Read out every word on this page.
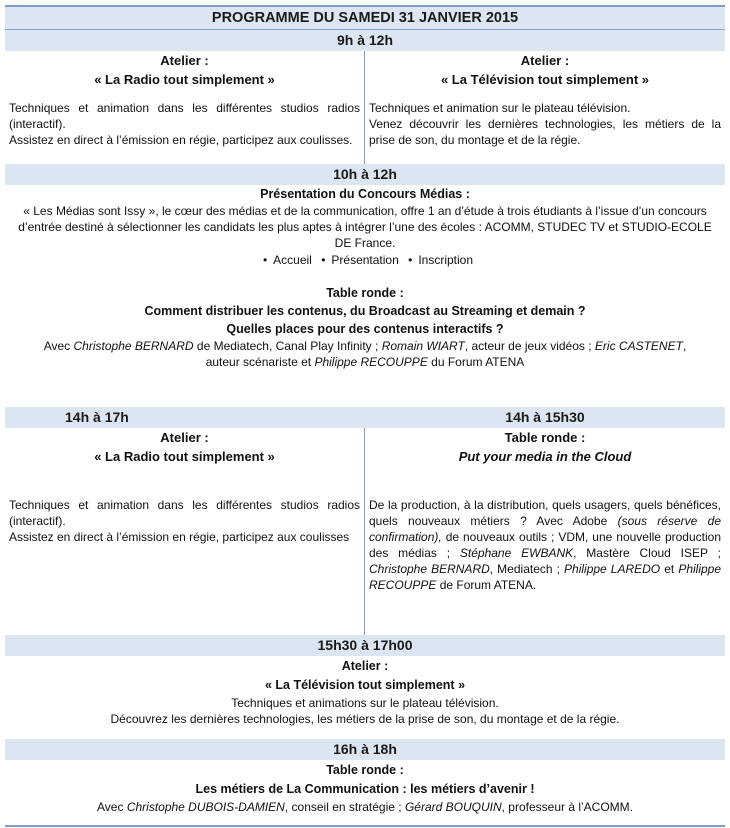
PROGRAMME DU SAMEDI 31 JANVIER 2015
9h à 12h

Atelier :

« La Radio tout simplement »

Techniques et animation dans les différentes studios radios (interactif).

Assistez en direct à l’émission en régie, participez aux coulisses.

Atelier :

« La Télévision tout simplement »

Techniques et animation sur le plateau télévision.

Venez découvrir les dernières technologies, les métiers de la prise de son, du montage et de la régie.

10h à 12h

Présentation du Concours Médias :

« Les Médias sont Issy », le cœur des médias et de la communication, offre 1 an d’étude à trois étudiants à l’issue d’un concours d’entrée destiné à sélectionner les candidats les plus aptes à intégrer l’une des écoles : ACOMM, STUDEC TV et STUDIO-ECOLE DE France.

• Accueil • Présentation • Inscription

Table ronde :

Comment distribuer les contenus, du Broadcast au Streaming et demain ?

Quelles places pour des contenus interactifs ?

Avec Christophe BERNARD de Mediatech, Canal Play Infinity ; Romain WIART, acteur de jeux vidéos ; Eric CASTENET,
auteur scénariste et Philippe RECOUPPE du Forum ATENA

14h à 17h	14h à 15h30

Atelier :

« La Radio tout simplement »

Techniques et animation dans les différentes studios radios (interactif).

Assistez en direct à l’émission en régie, participez aux coulisses

Table ronde :

Put your media in the Cloud

De la production, à la distribution, quels usagers, quels bénéfices, quels nouveaux métiers ? Avec Adobe (sous réserve de confirmation), de nouveaux outils ; VDM, une nouvelle production des médias ; Stéphane EWBANK, Mastère Cloud ISEP ; Christophe BERNARD, Mediatech ; Philippe LAREDO et Philippe RECOUPPE de Forum ATENA.

15h30 à 17h00

Atelier :

« La Télévision tout simplement »

Techniques et animations sur le plateau télévision.

Découvrez les dernières technologies, les métiers de la prise de son, du montage et de la régie.

16h à 18h

Table ronde :

Les métiers de La Communication : les métiers d’avenir !

Avec Christophe DUBOIS-DAMIEN, conseil en stratégie ; Gérard BOUQUIN, professeur à l’ACOMM.
